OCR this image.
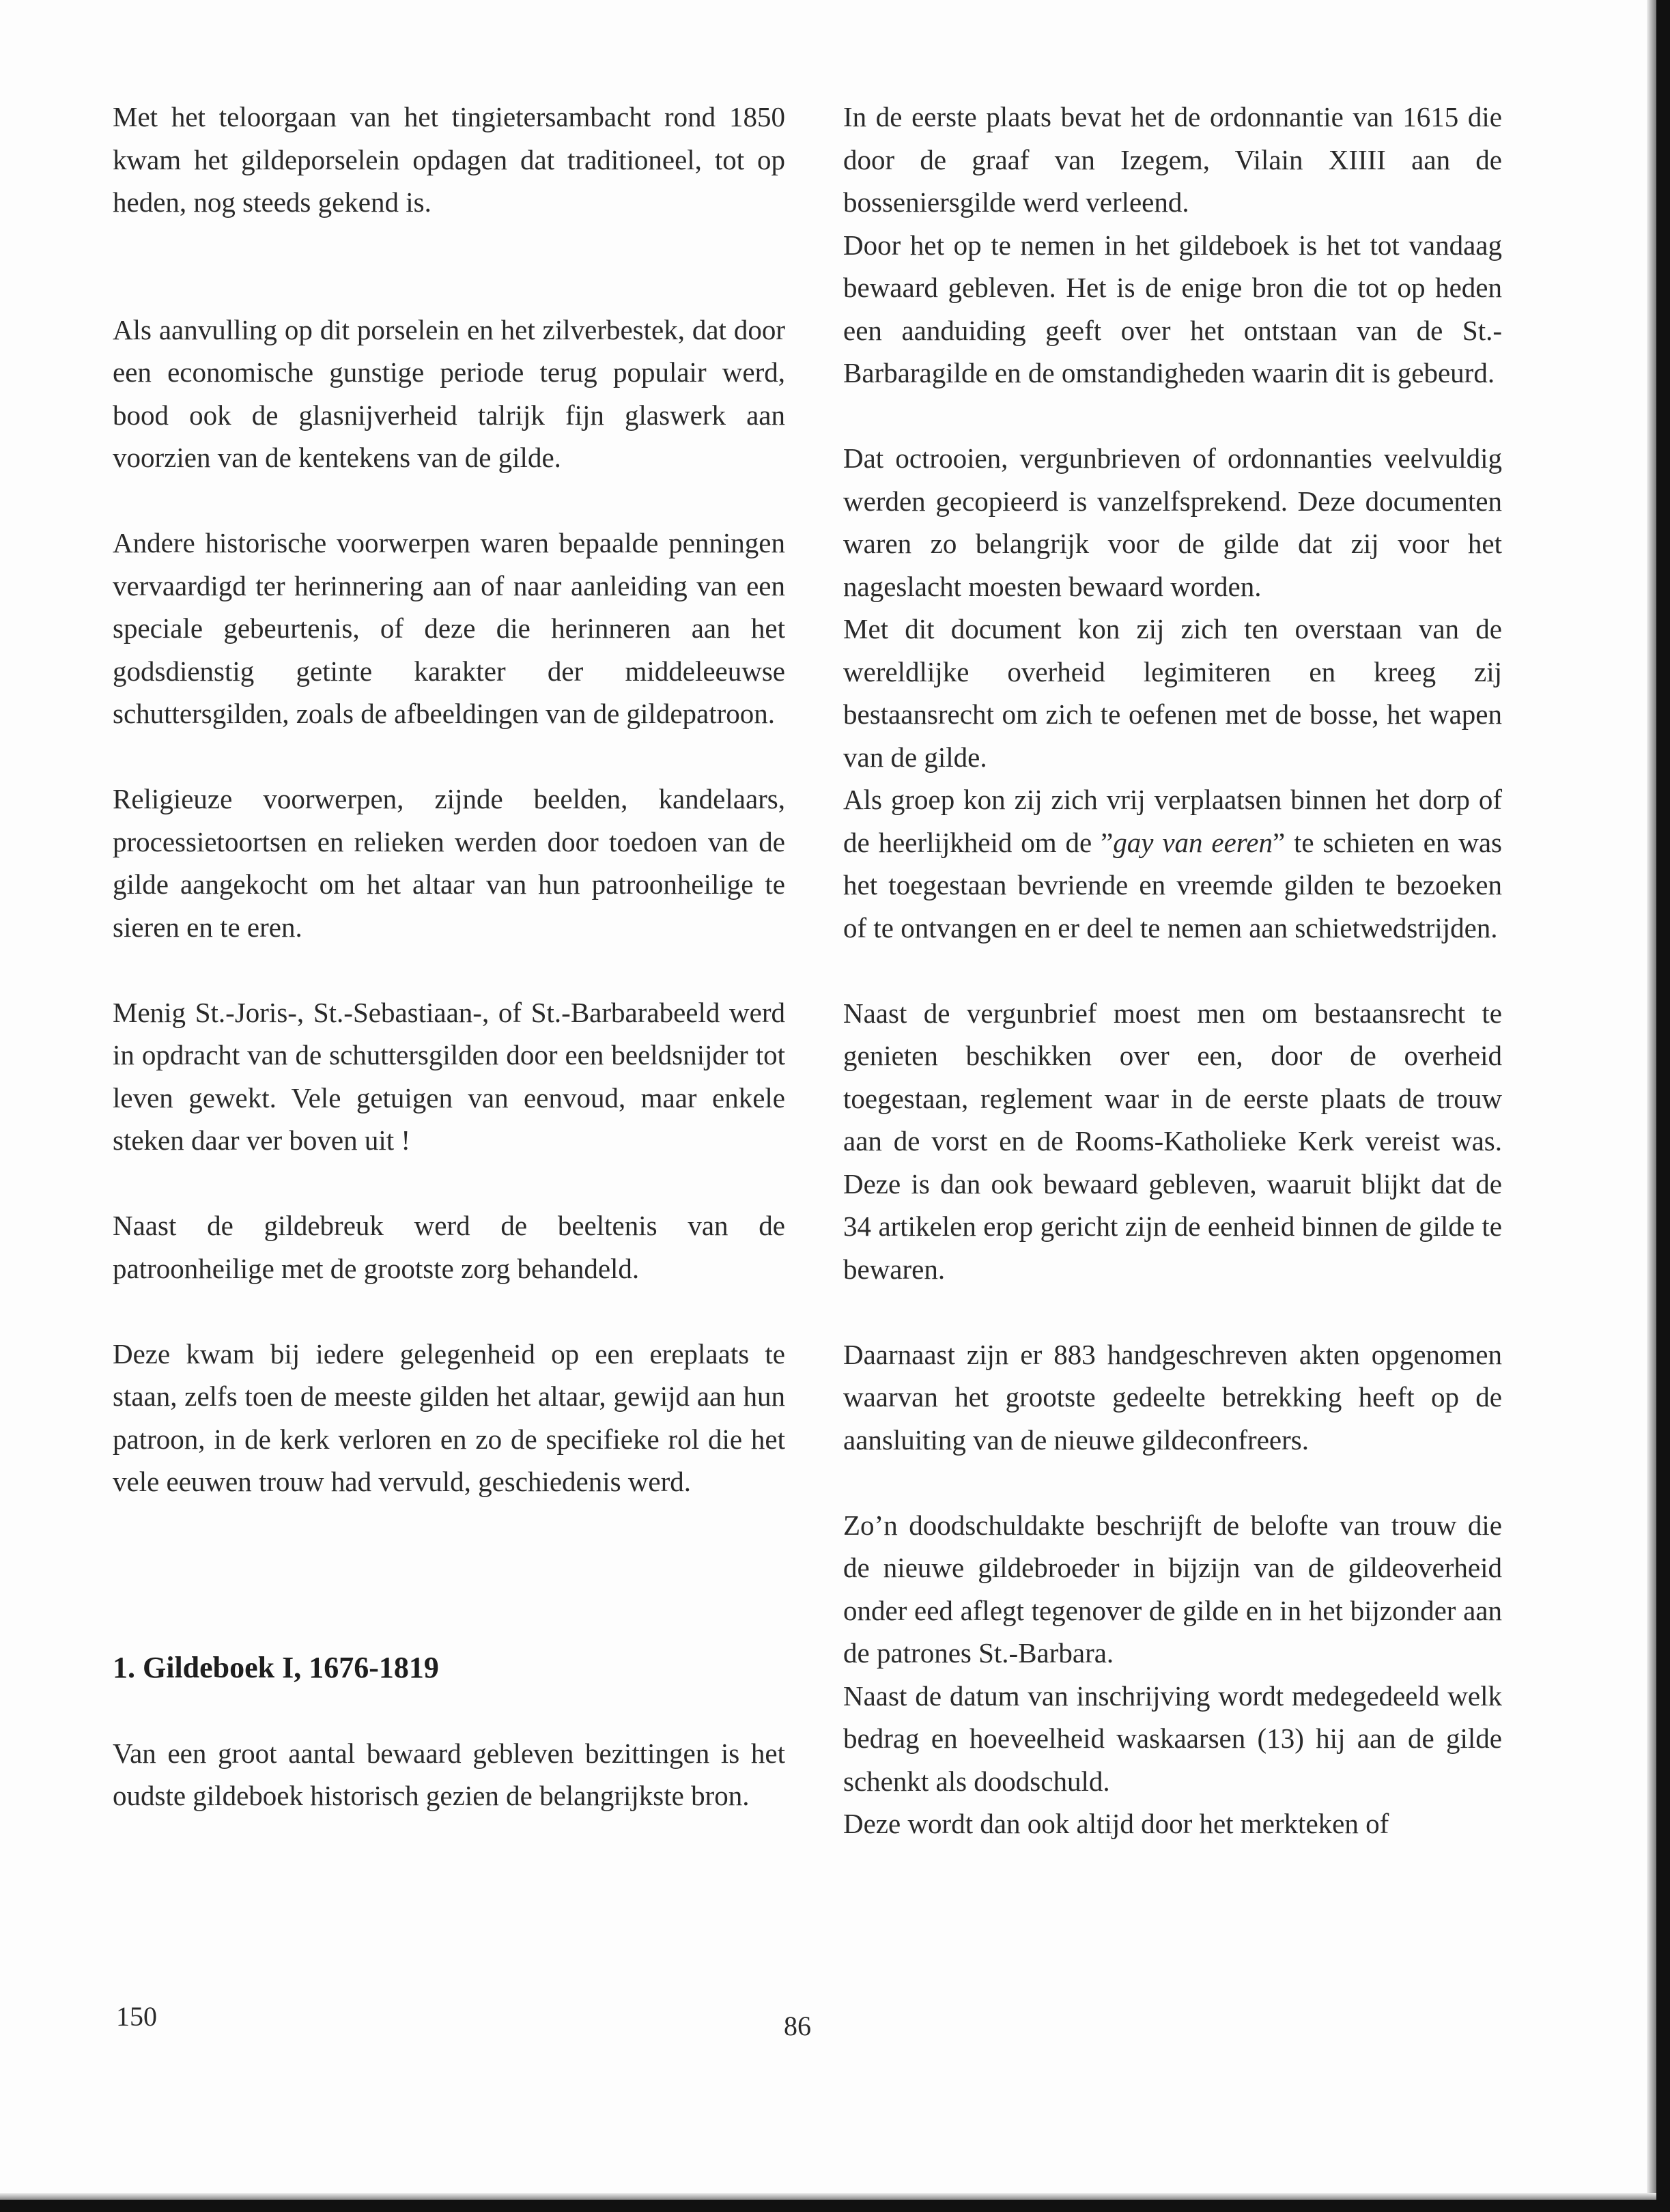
Met het teloorgaan van het tingietersambacht rond 1850 kwam het gildeporselein opdagen dat traditioneel, tot op heden, nog steeds gekend is.

Als aanvulling op dit porselein en het zilverbestek, dat door een economische gunstige periode terug populair werd, bood ook de glasnijverheid talrijk fijn glaswerk aan voorzien van de kentekens van de gilde.

Andere historische voorwerpen waren bepaalde penningen vervaardigd ter herinnering aan of naar aanleiding van een speciale gebeurtenis, of deze die herinneren aan het godsdienstig getinte karakter der middeleeuwse schuttersgilden, zoals de afbeeldingen van de gildepatroon.

Religieuze voorwerpen, zijnde beelden, kandelaars, processietoortsen en relieken werden door toedoen van de gilde aangekocht om het altaar van hun patroonheilige te sieren en te eren.

Menig St.-Joris-, St.-Sebastiaan-, of St.-Barbarabeeld werd in opdracht van de schuttersgilden door een beeldsnijder tot leven gewekt. Vele getuigen van eenvoud, maar enkele steken daar ver boven uit !

Naast de gildebreuk werd de beeltenis van de patroonheilige met de grootste zorg behandeld.

Deze kwam bij iedere gelegenheid op een ereplaats te staan, zelfs toen de meeste gilden het altaar, gewijd aan hun patroon, in de kerk verloren en zo de specifieke rol die het vele eeuwen trouw had vervuld, geschiedenis werd.

1. Gildeboek I, 1676-1819

Van een groot aantal bewaard gebleven bezittingen is het oudste gildeboek historisch gezien de belangrijkste bron.

In de eerste plaats bevat het de ordonnantie van 1615 die door de graaf van Izegem, Vilain XIIII aan de bosseniersgilde werd verleend.

Door het op te nemen in het gildeboek is het tot vandaag bewaard gebleven. Het is de enige bron die tot op heden een aanduiding geeft over het ontstaan van de St.-Barbaragilde en de omstandigheden waarin dit is gebeurd.

Dat octrooien, vergunbrieven of ordonnanties veelvuldig werden gecopieerd is vanzelfsprekend. Deze documenten waren zo belangrijk voor de gilde dat zij voor het nageslacht moesten bewaard worden.

Met dit document kon zij zich ten overstaan van de wereldlijke overheid legimiteren en kreeg zij bestaansrecht om zich te oefenen met de bosse, het wapen van de gilde.

Als groep kon zij zich vrij verplaatsen binnen het dorp of de heerlijkheid om de ”gay van eeren” te schieten en was het toegestaan bevriende en vreemde gilden te bezoeken of te ontvangen en er deel te nemen aan schietwedstrijden.

Naast de vergunbrief moest men om bestaansrecht te genieten beschikken over een, door de overheid toegestaan, reglement waar in de eerste plaats de trouw aan de vorst en de Rooms-Katholieke Kerk vereist was. Deze is dan ook bewaard gebleven, waaruit blijkt dat de 34 artikelen erop gericht zijn de eenheid binnen de gilde te bewaren.

Daarnaast zijn er 883 handgeschreven akten opgenomen waarvan het grootste gedeelte betrekking heeft op de aansluiting van de nieuwe gildeconfreers.

Zo’n doodschuldakte beschrijft de belofte van trouw die de nieuwe gildebroeder in bijzijn van de gildeoverheid onder eed aflegt tegenover de gilde en in het bijzonder aan de patrones St.-Barbara.

Naast de datum van inschrijving wordt medegedeeld welk bedrag en hoeveelheid waskaarsen (13) hij aan de gilde schenkt als doodschuld.

Deze wordt dan ook altijd door het merkteken of

150	86
